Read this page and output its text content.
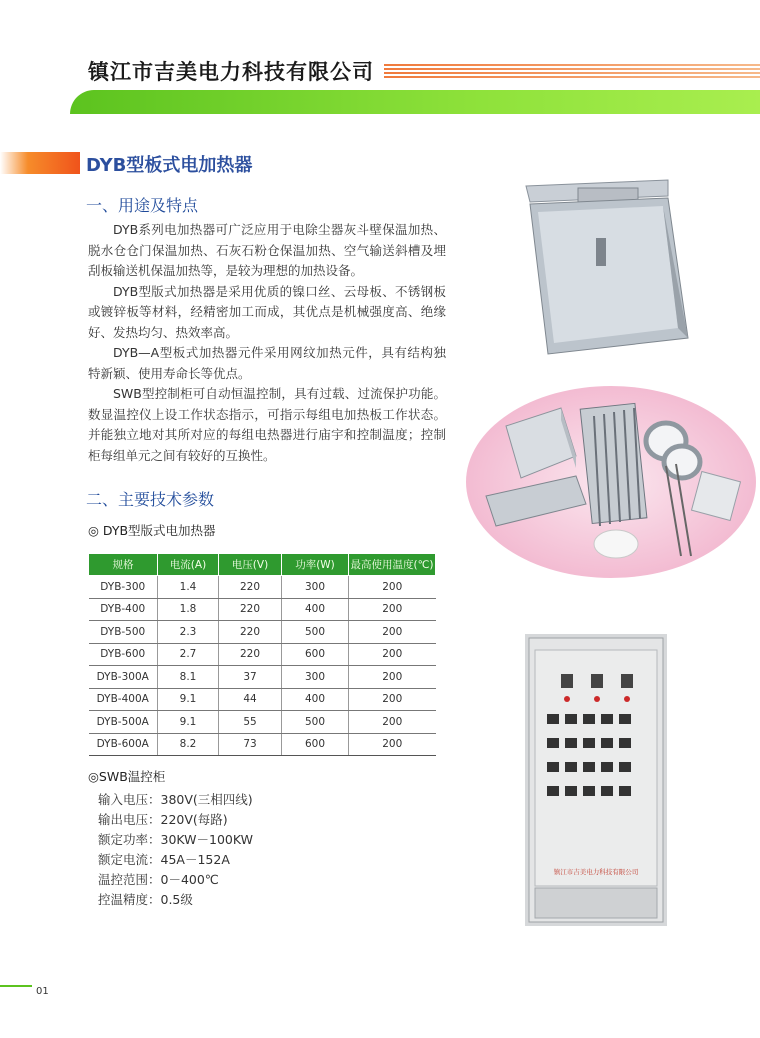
镇江市吉美电力科技有限公司
DYB型板式电加热器
一、用途及特点

DYB系列电加热器可广泛应用于电除尘器灰斗壁保温加热、脱水仓仓门保温加热、石灰石粉仓保温加热、空气输送斜槽及埋刮板输送机保温加热等，是较为理想的加热设备。

DYB型版式加热器是采用优质的镍口丝、云母板、不锈钢板或镀锌板等材料，经精密加工而成，其优点是机械强度高、绝缘好、发热均匀、热效率高。

DYB—A型板式加热器元件采用网纹加热元件，具有结构独特新颖、使用寿命长等优点。

SWB型控制柜可自动恒温控制，具有过载、过流保护功能。数显温控仪上设工作状态指示，可指示每组电加热板工作状态。并能独立地对其所对应的每组电热器进行庙宇和控制温度；控制柜每组单元之间有较好的互换性。

二、主要技术参数
◎ DYB型版式电加热器
规格	电流(A)	电压(V)	功率(W)	最高使用温度(℃)
DYB-300	1.4	220	300	200
DYB-400	1.8	220	400	200
DYB-500	2.3	220	500	200
DYB-600	2.7	220	600	200
DYB-300A	8.1	37	300	200
DYB-400A	9.1	44	400	200
DYB-500A	9.1	55	500	200
DYB-600A	8.2	73	600	200
◎SWB温控柜
输入电压：380V(三相四线)
输出电压：220V(每路)
额定功率：30KW－100KW
额定电流：45A－152A
温控范围：0－400℃
控温精度：0.5级
镇江市吉美电力科技有限公司
01
